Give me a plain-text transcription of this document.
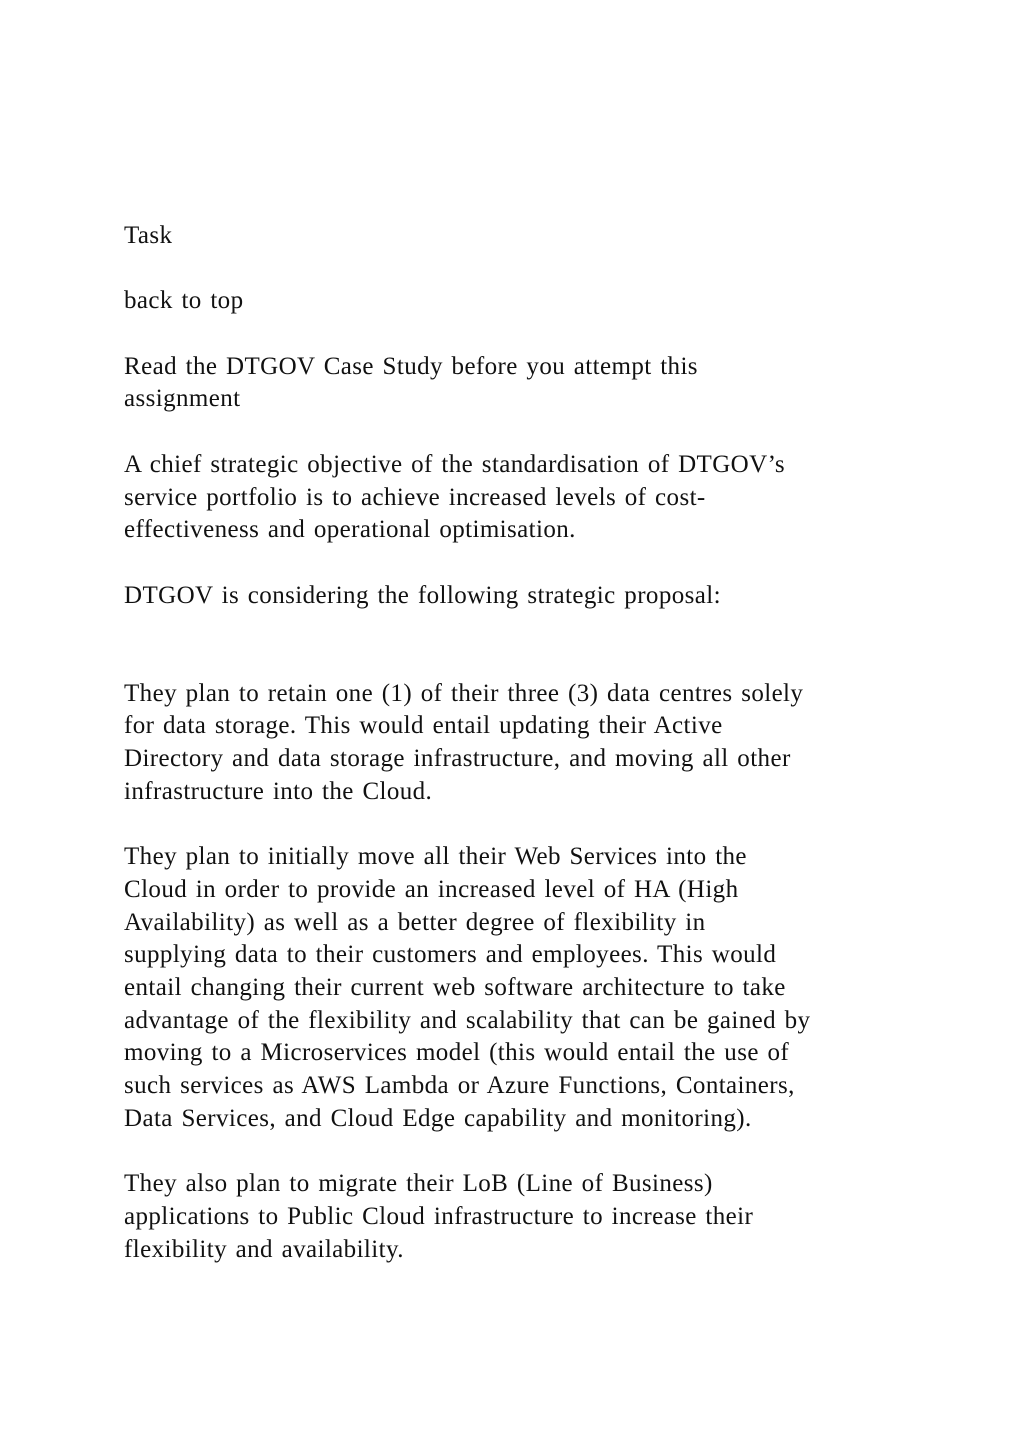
Task

back to top

Read the DTGOV Case Study before you attempt this
assignment

A chief strategic objective of the standardisation of DTGOV’s
service portfolio is to achieve increased levels of cost-
effectiveness and operational optimisation.

DTGOV is considering the following strategic proposal:

They plan to retain one (1) of their three (3) data centres solely
for data storage. This would entail updating their Active
Directory and data storage infrastructure, and moving all other
infrastructure into the Cloud.

They plan to initially move all their Web Services into the
Cloud in order to provide an increased level of HA (High
Availability) as well as a better degree of flexibility in
supplying data to their customers and employees. This would
entail changing their current web software architecture to take
advantage of the flexibility and scalability that can be gained by
moving to a Microservices model (this would entail the use of
such services as AWS Lambda or Azure Functions, Containers,
Data Services, and Cloud Edge capability and monitoring).

They also plan to migrate their LoB (Line of Business)
applications to Public Cloud infrastructure to increase their
flexibility and availability.
